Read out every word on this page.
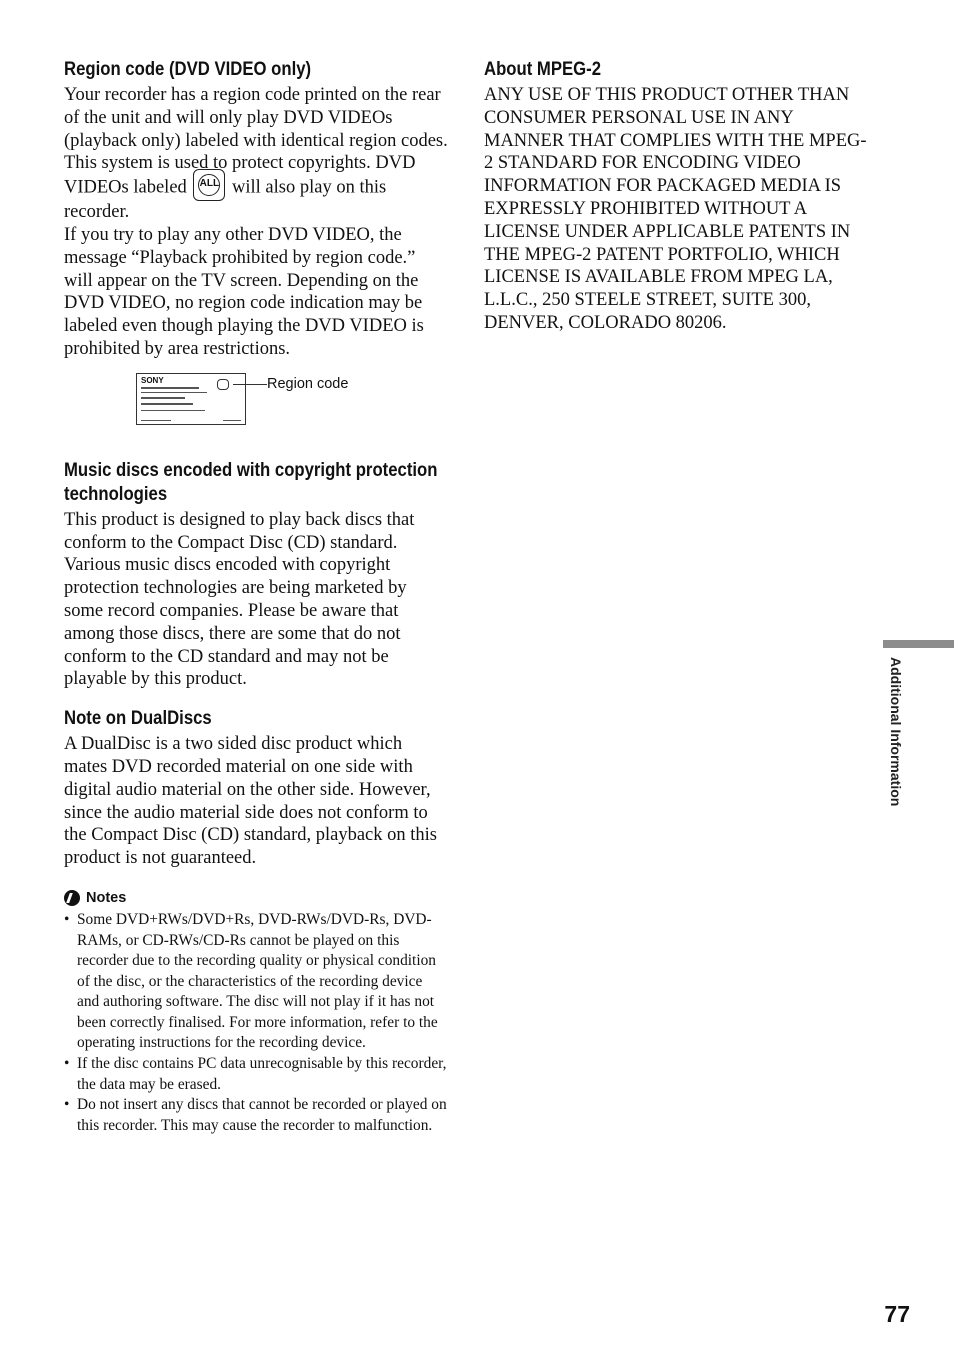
Region code (DVD VIDEO only)

Your recorder has a region code printed on the rear of the unit and will only play DVD VIDEOs (playback only) labeled with identical region codes. This system is used to protect copyrights. DVD VIDEOs labeled	ALL will also play on this recorder.

If you try to play any other DVD VIDEO, the message “Playback prohibited by region code.” will appear on the TV screen. Depending on the DVD VIDEO, no region code indication may be labeled even though playing the DVD VIDEO is prohibited by area restrictions.

SONY	Region code
Music discs encoded with copyright protection technologies

This product is designed to play back discs that conform to the Compact Disc (CD) standard. Various music discs encoded with copyright protection technologies are being marketed by some record companies. Please be aware that among those discs, there are some that do not conform to the CD standard and may not be playable by this product.

Note on DualDiscs

A DualDisc is a two sided disc product which mates DVD recorded material on one side with digital audio material on the other side. However, since the audio material side does not conform to the Compact Disc (CD) standard, playback on this product is not guaranteed.

Notes
• Some DVD+RWs/DVD+Rs, DVD-RWs/DVD-Rs, DVD-RAMs, or CD-RWs/CD-Rs cannot be played on this recorder due to the recording quality or physical condition of the disc, or the characteristics of the recording device and authoring software. The disc will not play if it has not been correctly finalised. For more information, refer to the operating instructions for the recording device.
• If the disc contains PC data unrecognisable by this recorder, the data may be erased.
• Do not insert any discs that cannot be recorded or played on this recorder. This may cause the recorder to malfunction.
About MPEG-2

ANY USE OF THIS PRODUCT OTHER THAN CONSUMER PERSONAL USE IN ANY MANNER THAT COMPLIES WITH THE MPEG-2 STANDARD FOR ENCODING VIDEO INFORMATION FOR PACKAGED MEDIA IS EXPRESSLY PROHIBITED WITHOUT A LICENSE UNDER APPLICABLE PATENTS IN THE MPEG-2 PATENT PORTFOLIO, WHICH LICENSE IS AVAILABLE FROM MPEG LA, L.L.C., 250 STEELE STREET, SUITE 300, DENVER, COLORADO 80206.

Additional Information
77
